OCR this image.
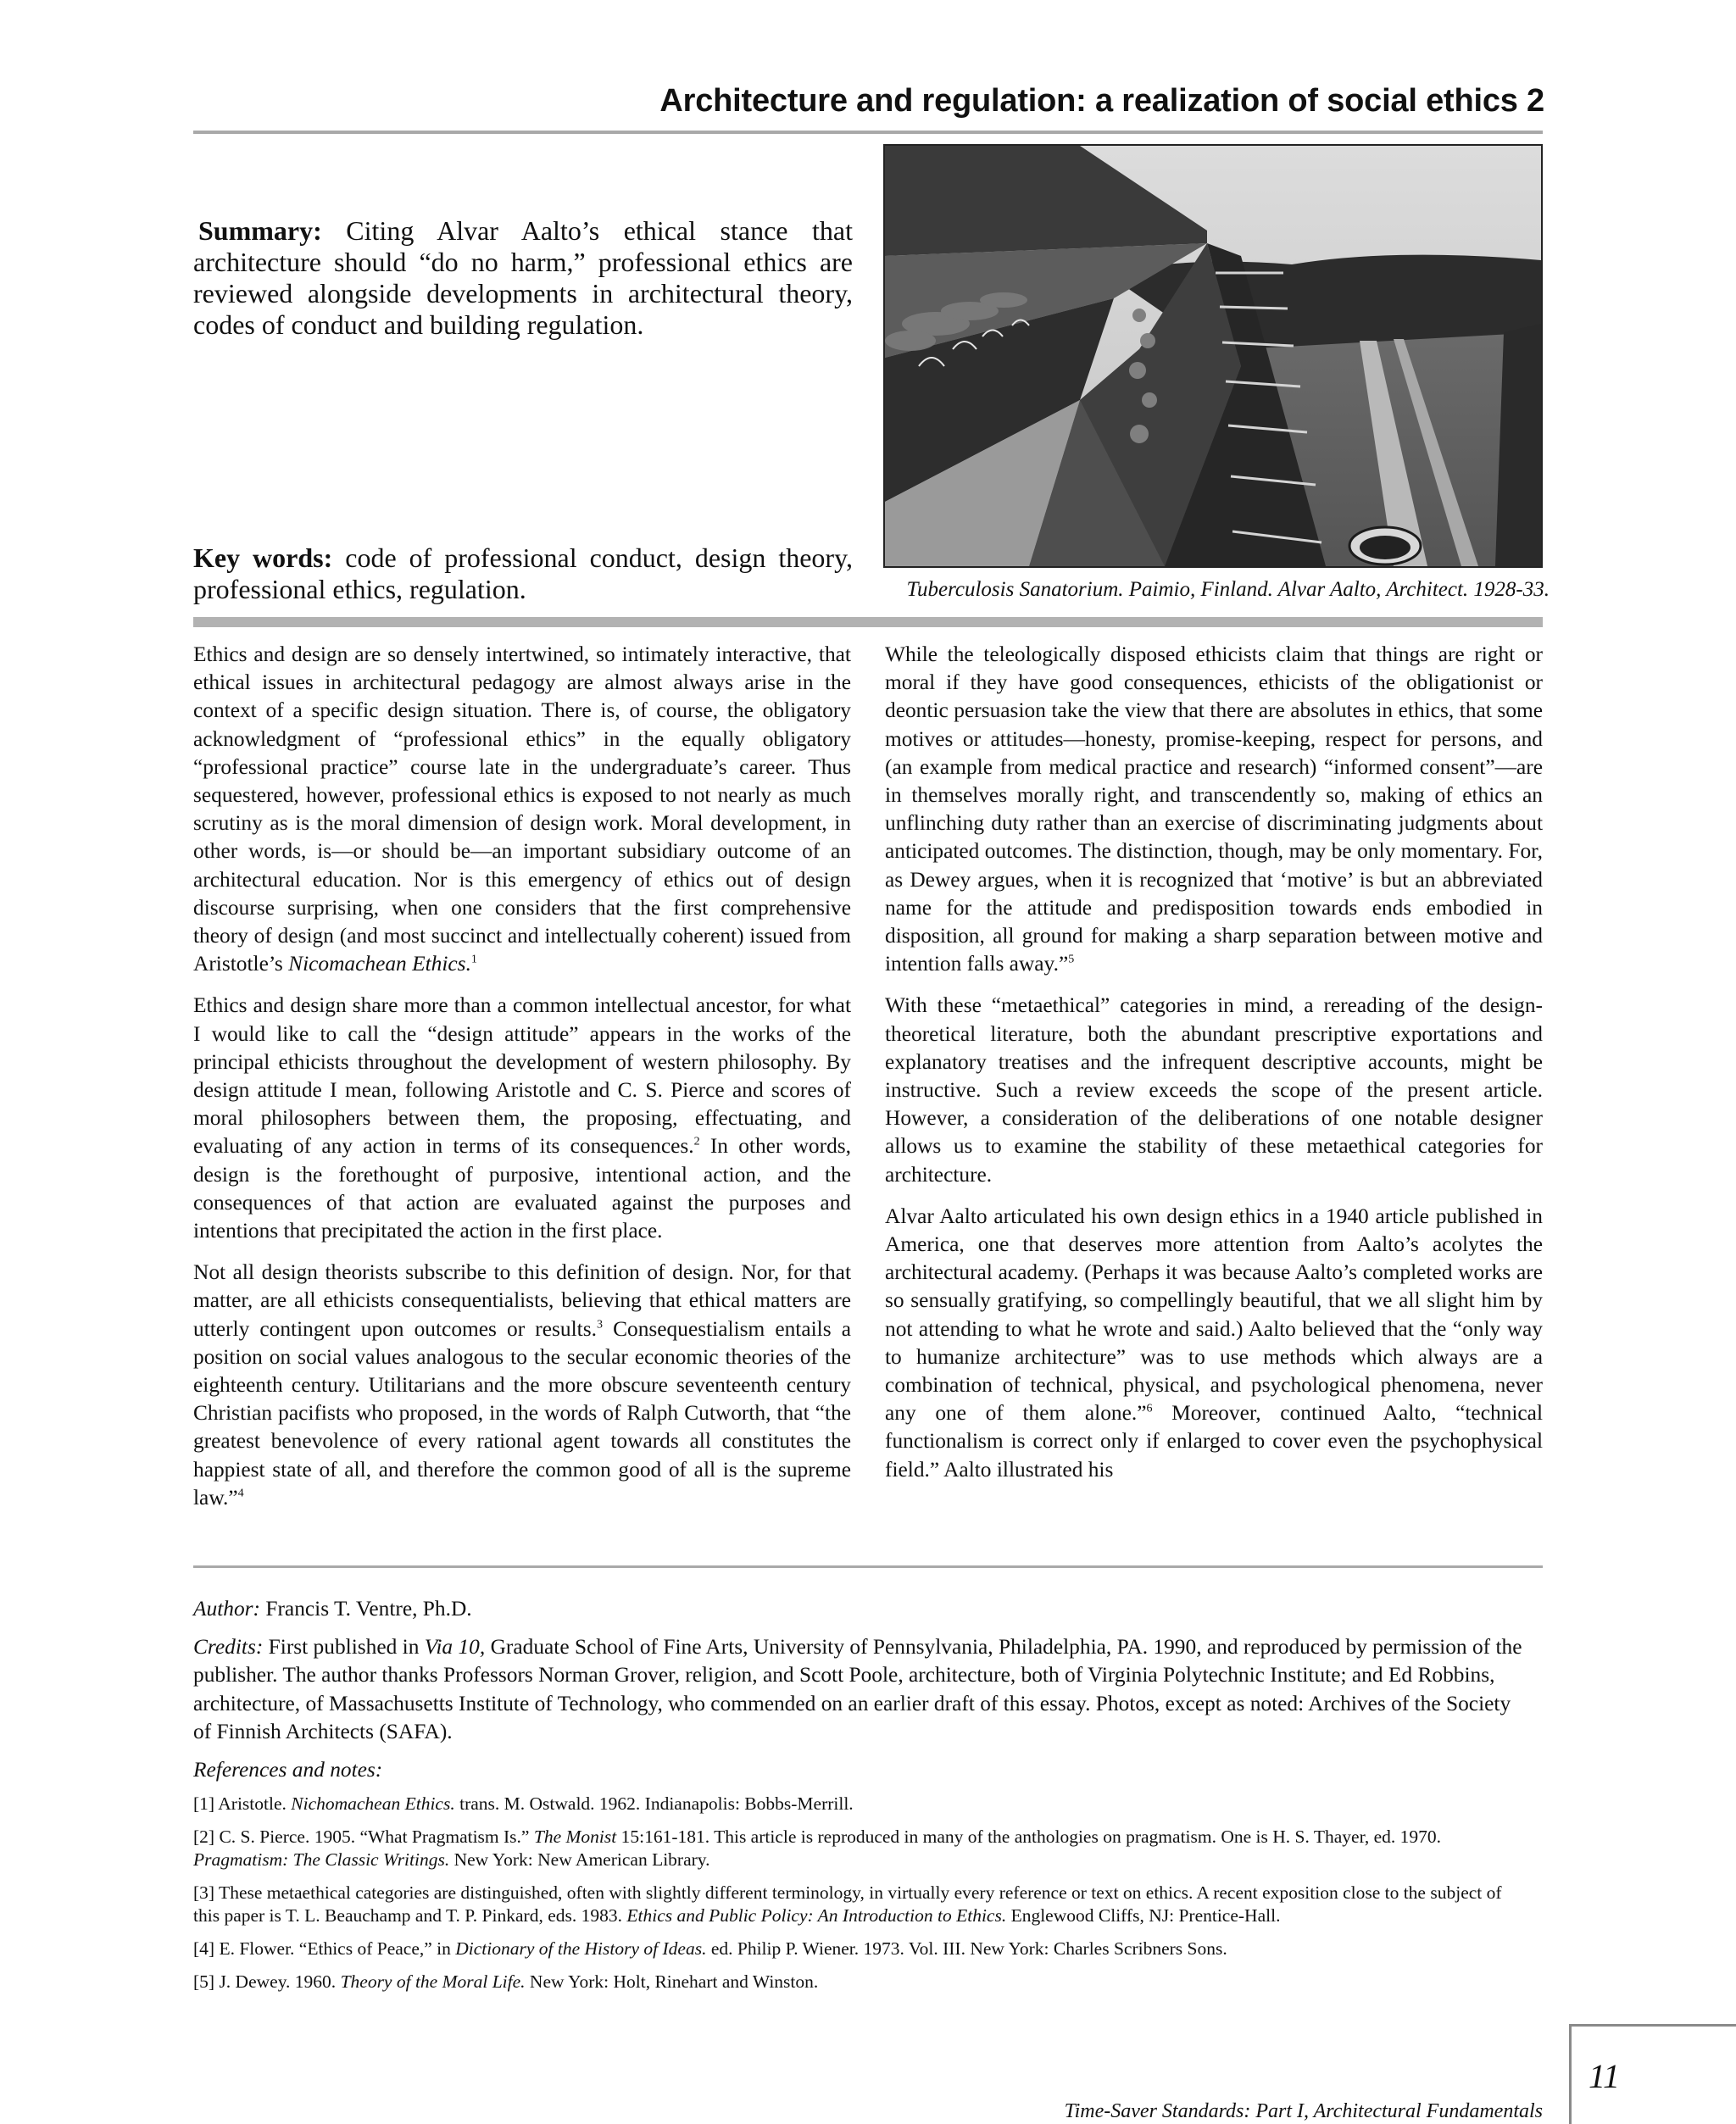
Architecture and regulation: a realization of social ethics 2

Summary: Citing Alvar Aalto’s ethical stance that architecture should “do no harm,” professional ethics are reviewed alongside developments in architectural theory, codes of conduct and building regulation.

Key words: code of professional conduct, design theory, professional ethics, regulation.	Tuberculosis Sanatorium. Paimio, Finland. Alvar Aalto, Architect. 1928-33.

Ethics and design are so densely intertwined, so intimately interactive, that ethical issues in architectural pedagogy are almost always arise in the context of a specific design situation. There is, of course, the obligatory acknowledgment of “professional ethics” in the equally obligatory “professional practice” course late in the undergraduate’s career. Thus sequestered, however, professional ethics is exposed to not nearly as much scrutiny as is the moral dimension of design work. Moral development, in other words, is—or should be—an important subsidiary outcome of an architectural education. Nor is this emergency of ethics out of design discourse surprising, when one considers that the first comprehensive theory of design (and most succinct and intellectually coherent) issued from Aristotle’s Nicomachean Ethics.$^1$

Ethics and design share more than a common intellectual ancestor, for what I would like to call the “design attitude” appears in the works of the principal ethicists throughout the development of western philosophy. By design attitude I mean, following Aristotle and C. S. Pierce and scores of moral philosophers between them, the proposing, effectuating, and evaluating of any action in terms of its consequences.$^2$ In other words, design is the forethought of purposive, intentional action, and the consequences of that action are evaluated against the purposes and intentions that precipitated the action in the first place.

Not all design theorists subscribe to this definition of design. Nor, for that matter, are all ethicists consequentialists, believing that ethical matters are utterly contingent upon outcomes or results.$^3$ Consequestialism entails a position on social values analogous to the secular economic theories of the eighteenth century. Utilitarians and the more obscure seventeenth century Christian pacifists who proposed, in the words of Ralph Cutworth, that “the greatest benevolence of every rational agent towards all constitutes the happiest state of all, and therefore the common good of all is the supreme law.”$^4$

While the teleologically disposed ethicists claim that things are right or moral if they have good consequences, ethicists of the obligationist or deontic persuasion take the view that there are absolutes in ethics, that some motives or attitudes—honesty, promise-keeping, respect for persons, and (an example from medical practice and research) “informed consent”—are in themselves morally right, and transcendently so, making of ethics an unflinching duty rather than an exercise of discriminating judgments about anticipated outcomes. The distinction, though, may be only momentary. For, as Dewey argues, when it is recognized that ‘motive’ is but an abbreviated name for the attitude and predisposition towards ends embodied in disposition, all ground for making a sharp separation between motive and intention falls away.”$^5$

With these “metaethical” categories in mind, a rereading of the design-theoretical literature, both the abundant prescriptive exportations and explanatory treatises and the infrequent descriptive accounts, might be instructive. Such a review exceeds the scope of the present article. However, a consideration of the deliberations of one notable designer allows us to examine the stability of these metaethical categories for architecture.

Alvar Aalto articulated his own design ethics in a 1940 article published in America, one that deserves more attention from Aalto’s acolytes the architectural academy. (Perhaps it was because Aalto’s completed works are so sensually gratifying, so compellingly beautiful, that we all slight him by not attending to what he wrote and said.) Aalto believed that the “only way to humanize architecture” was to use methods which always are a combination of technical, physical, and psychological phenomena, never any one of them alone.”$^6$ Moreover, continued Aalto, “technical functionalism is correct only if enlarged to cover even the psychophysical field.” Aalto illustrated his

Author: Francis T. Ventre, Ph.D.

Credits: First published in Via 10, Graduate School of Fine Arts, University of Pennsylvania, Philadelphia, PA. 1990, and reproduced by permission of the publisher. The author thanks Professors Norman Grover, religion, and Scott Poole, architecture, both of Virginia Polytechnic Institute; and Ed Robbins, architecture, of Massachusetts Institute of Technology, who commended on an earlier draft of this essay. Photos, except as noted: Archives of the Society of Finnish Architects (SAFA).

References and notes:

[1] Aristotle. Nichomachean Ethics. trans. M. Ostwald. 1962. Indianapolis: Bobbs-Merrill.

[2] C. S. Pierce. 1905. “What Pragmatism Is.” The Monist 15:161-181. This article is reproduced in many of the anthologies on pragmatism. One is H. S. Thayer, ed. 1970. Pragmatism: The Classic Writings. New York: New American Library.

[3] These metaethical categories are distinguished, often with slightly different terminology, in virtually every reference or text on ethics. A recent exposition close to the subject of this paper is T. L. Beauchamp and T. P. Pinkard, eds. 1983. Ethics and Public Policy: An Introduction to Ethics. Englewood Cliffs, NJ: Prentice-Hall.

[4] E. Flower. “Ethics of Peace,” in Dictionary of the History of Ideas. ed. Philip P. Wiener. 1973. Vol. III. New York: Charles Scribners Sons.

[5] J. Dewey. 1960. Theory of the Moral Life. New York: Holt, Rinehart and Winston.

Time-Saver Standards: Part I, Architectural Fundamentals

11
